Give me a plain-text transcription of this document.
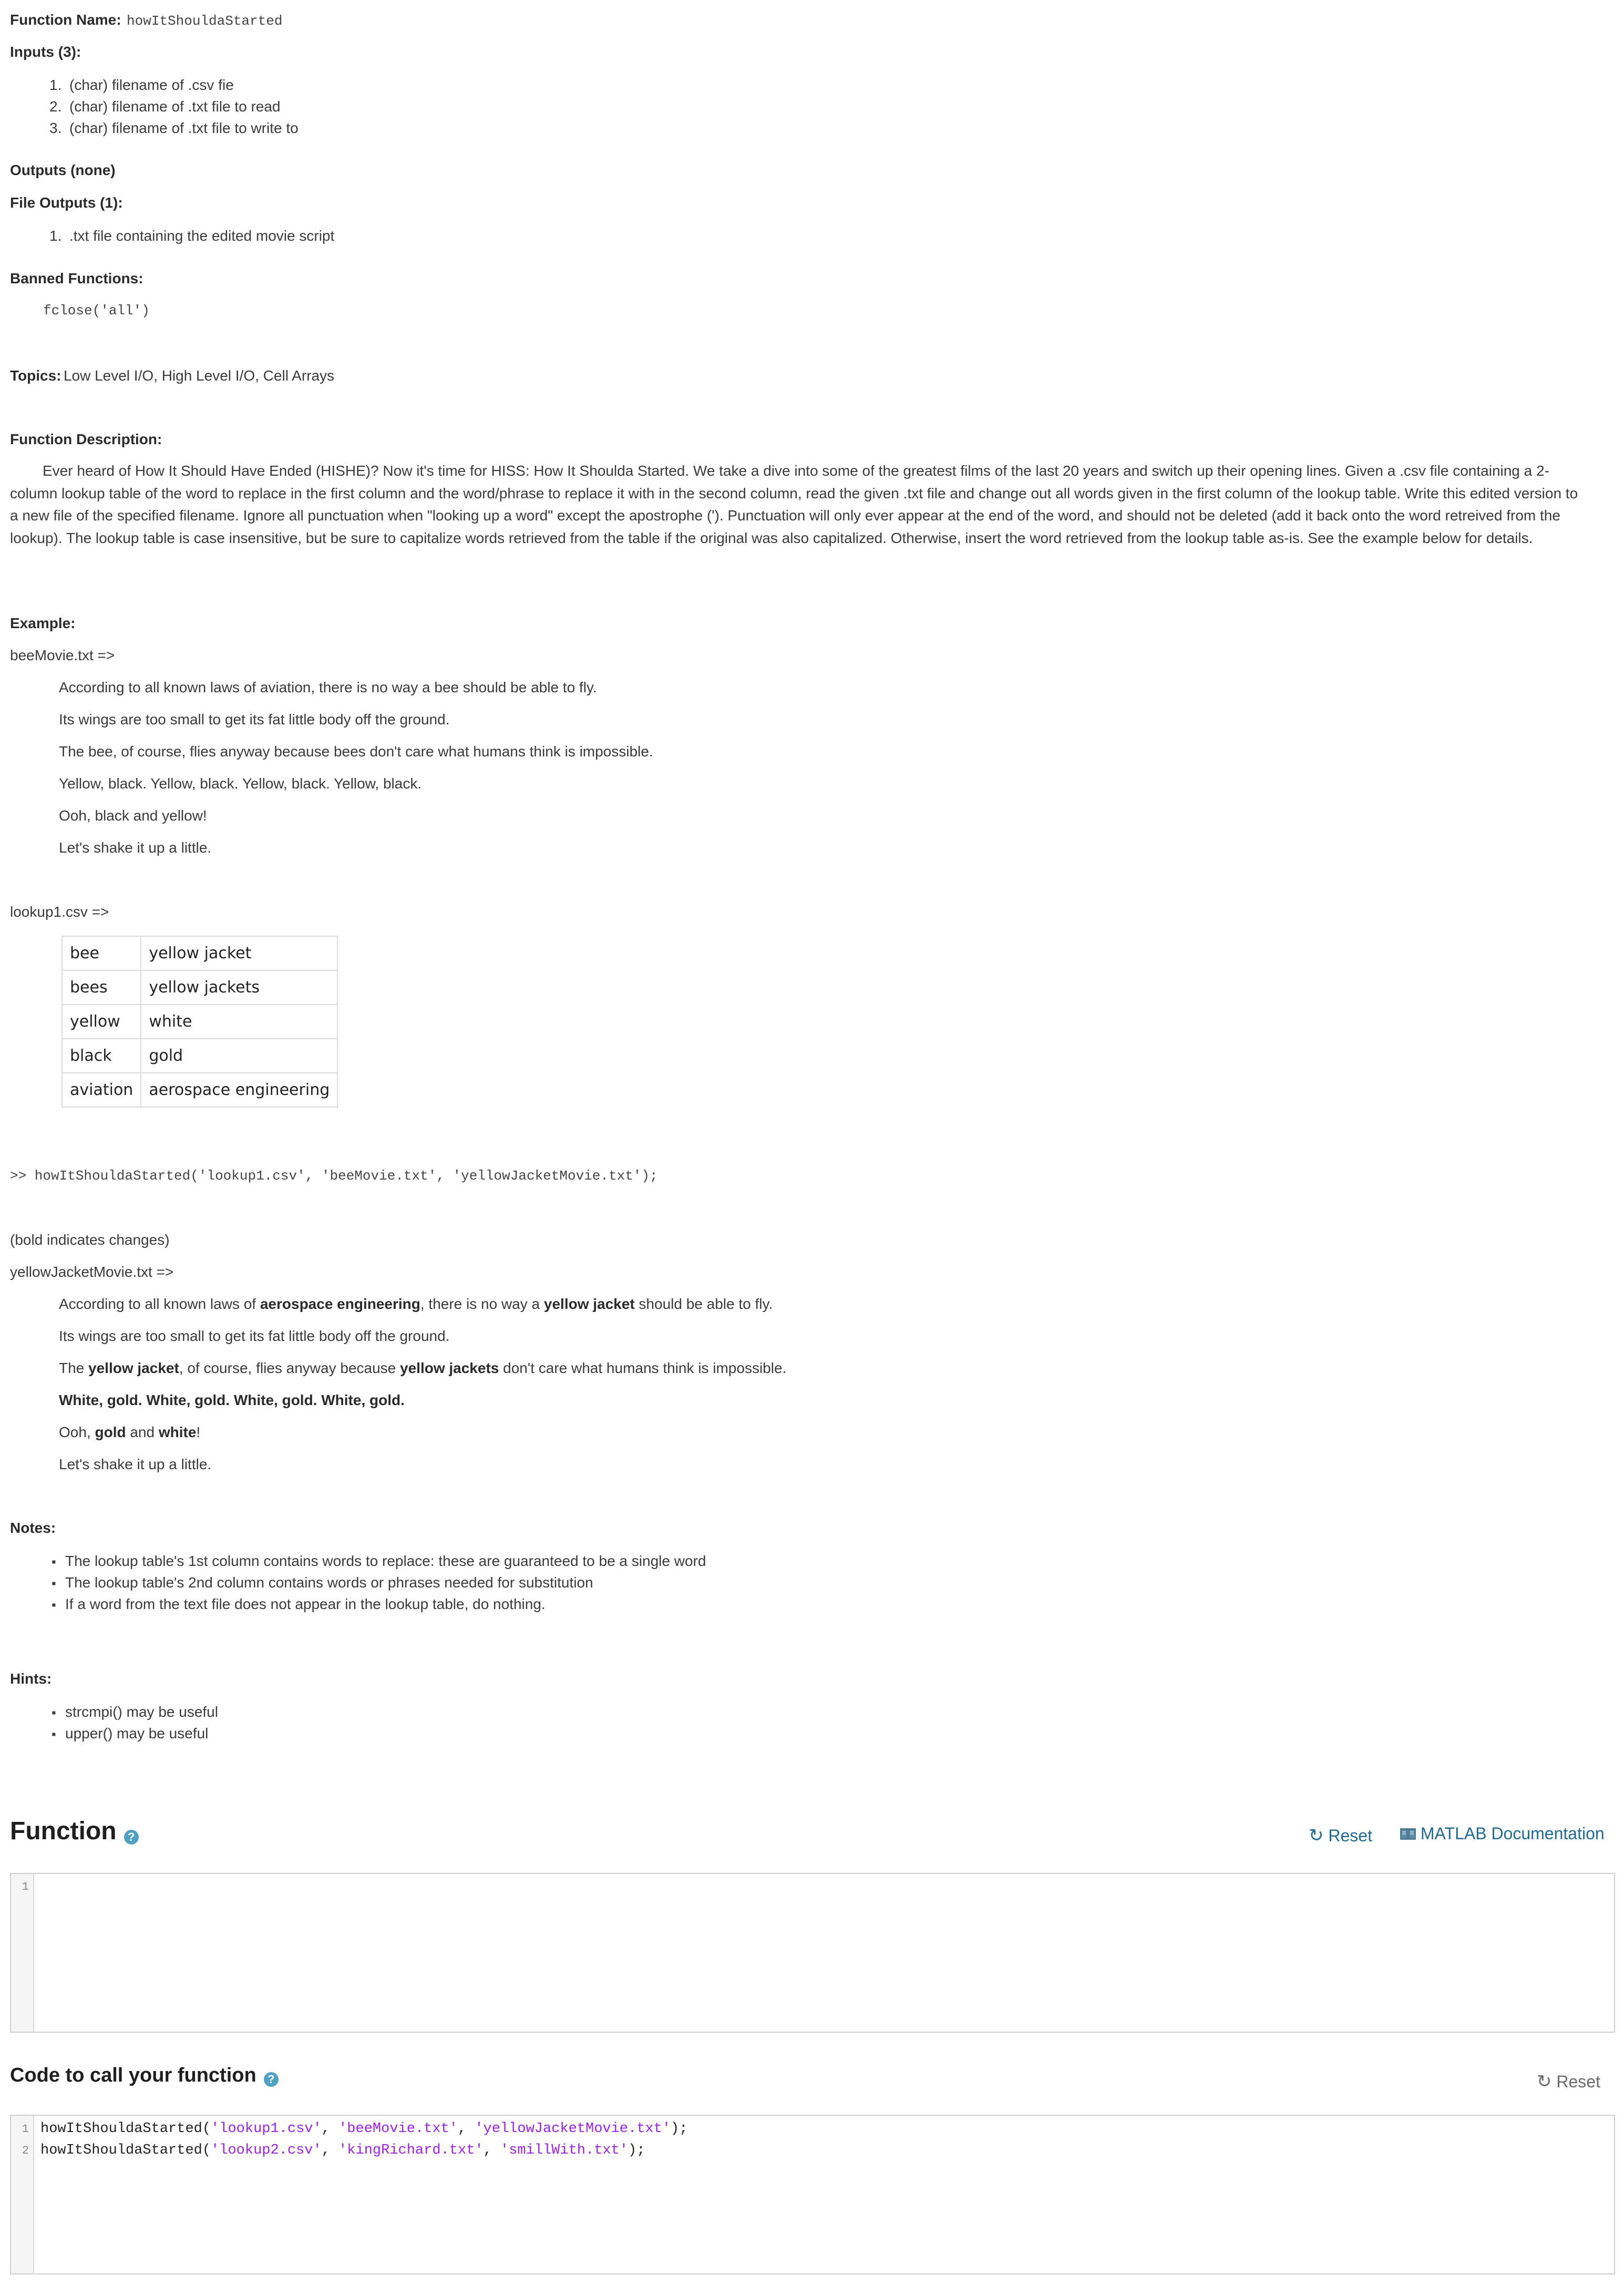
Function Name: howItShouldaStarted
Inputs (3):
1. (char) filename of .csv fie
2. (char) filename of .txt file to read
3. (char) filename of .txt file to write to
Outputs (none)
File Outputs (1):
1. .txt file containing the edited movie script
Banned Functions:
fclose('all')
Topics: Low Level I/O, High Level I/O, Cell Arrays
Function Description:
Ever heard of How It Should Have Ended (HISHE)? Now it's time for HISS: How It Shoulda Started. We take a dive into some of the greatest films of the last 20 years and switch up their opening lines. Given a .csv file containing a 2-column lookup table of the word to replace in the first column and the word/phrase to replace it with in the second column, read the given .txt file and change out all words given in the first column of the lookup table. Write this edited version to a new file of the specified filename. Ignore all punctuation when "looking up a word" except the apostrophe ('). Punctuation will only ever appear at the end of the word, and should not be deleted (add it back onto the word retreived from the lookup). The lookup table is case insensitive, but be sure to capitalize words retrieved from the table if the original was also capitalized. Otherwise, insert the word retrieved from the lookup table as-is. See the example below for details.
Example:
beeMovie.txt =>
According to all known laws of aviation, there is no way a bee should be able to fly.
Its wings are too small to get its fat little body off the ground.
The bee, of course, flies anyway because bees don't care what humans think is impossible.
Yellow, black. Yellow, black. Yellow, black. Yellow, black.
Ooh, black and yellow!
Let's shake it up a little.
lookup1.csv =>
bee	yellow jacket
bees	yellow jackets
yellow	white
black	gold
aviation	aerospace engineering
>> howItShouldaStarted('lookup1.csv', 'beeMovie.txt', 'yellowJacketMovie.txt');
(bold indicates changes)
yellowJacketMovie.txt =>
According to all known laws of aerospace engineering, there is no way a yellow jacket should be able to fly.
Its wings are too small to get its fat little body off the ground.
The yellow jacket, of course, flies anyway because yellow jackets don't care what humans think is impossible.
White, gold. White, gold. White, gold. White, gold.
Ooh, gold and white!
Let's shake it up a little.
Notes:
▪ The lookup table's 1st column contains words to replace: these are guaranteed to be a single word
▪ The lookup table's 2nd column contains words or phrases needed for substitution
▪ If a word from the text file does not appear in the lookup table, do nothing.
Hints:
▪ strcmpi() may be useful
▪ upper() may be useful
Function ?	↻ Reset	MATLAB Documentation
1
Code to call your function ?	↻ Reset
1
2
howItShouldaStarted('lookup1.csv', 'beeMovie.txt', 'yellowJacketMovie.txt');
howItShouldaStarted('lookup2.csv', 'kingRichard.txt', 'smillWith.txt');
